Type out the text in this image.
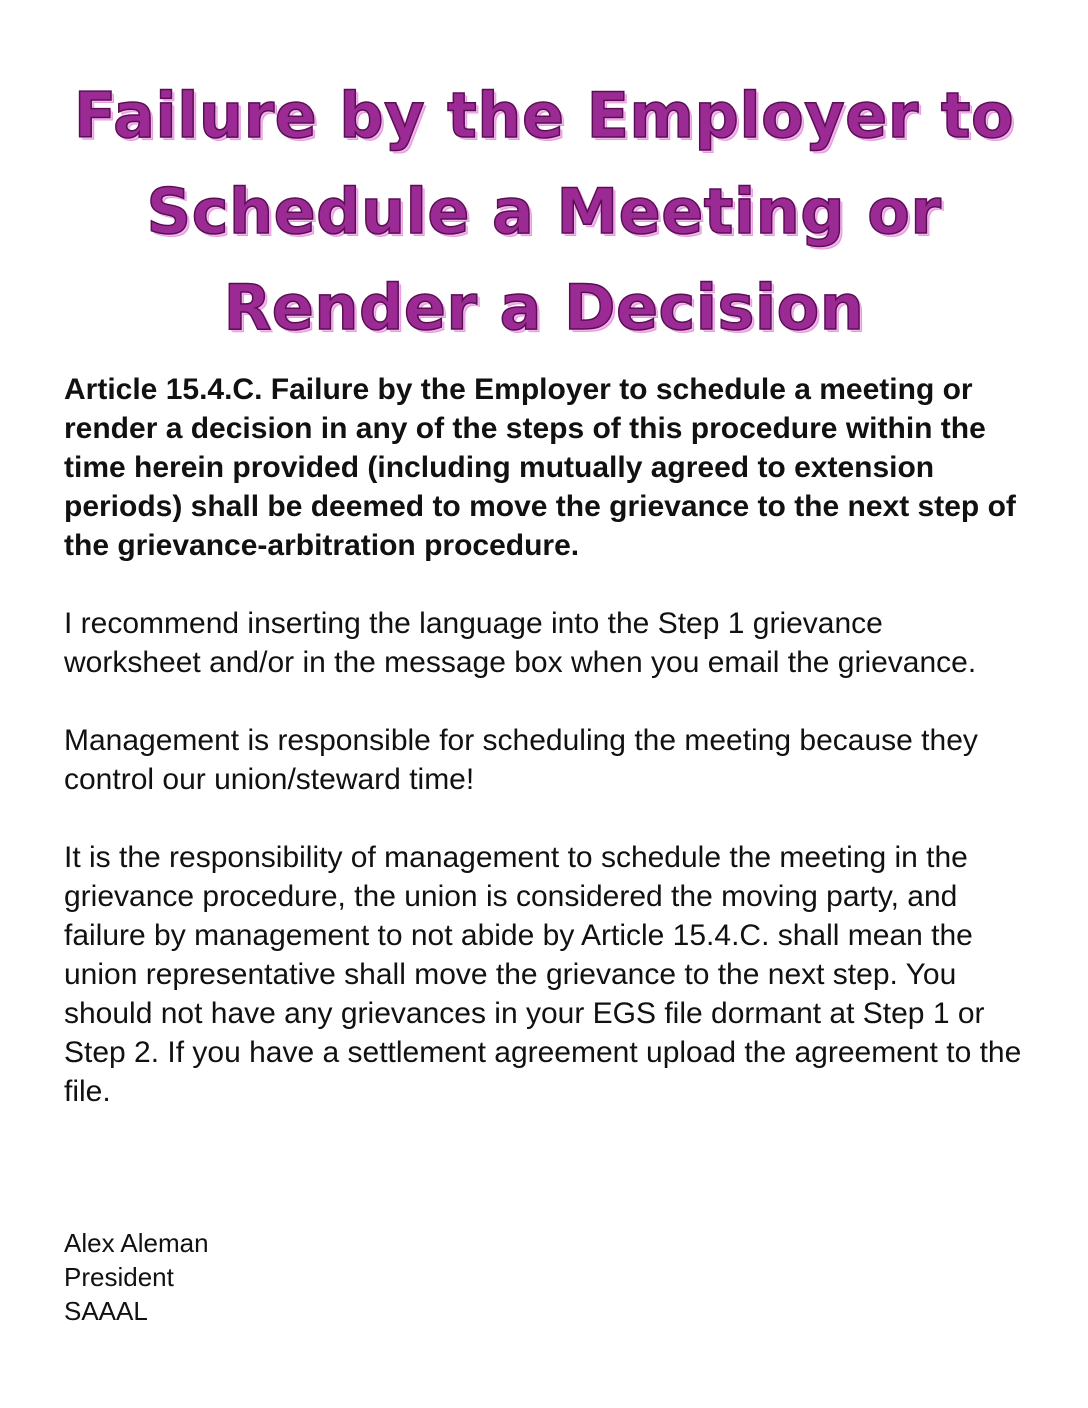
Failure by the Employer to
Schedule a Meeting or
Render a Decision

Article 15.4.C. Failure by the Employer to schedule a meeting or render a decision in any of the steps of this procedure within the time herein provided (including mutually agreed to extension periods) shall be deemed to move the grievance to the next step of the grievance-arbitration procedure.

I recommend inserting the language into the Step 1 grievance worksheet and/or in the message box when you email the grievance.

Management is responsible for scheduling the meeting because they control our union/steward time!

It is the responsibility of management to schedule the meeting in the grievance procedure, the union is considered the moving party, and failure by management to not abide by Article 15.4.C. shall mean the union representative shall move the grievance to the next step. You should not have any grievances in your EGS file dormant at Step 1 or Step 2. If you have a settlement agreement upload the agreement to the file.

Alex Aleman
President
SAAAL
